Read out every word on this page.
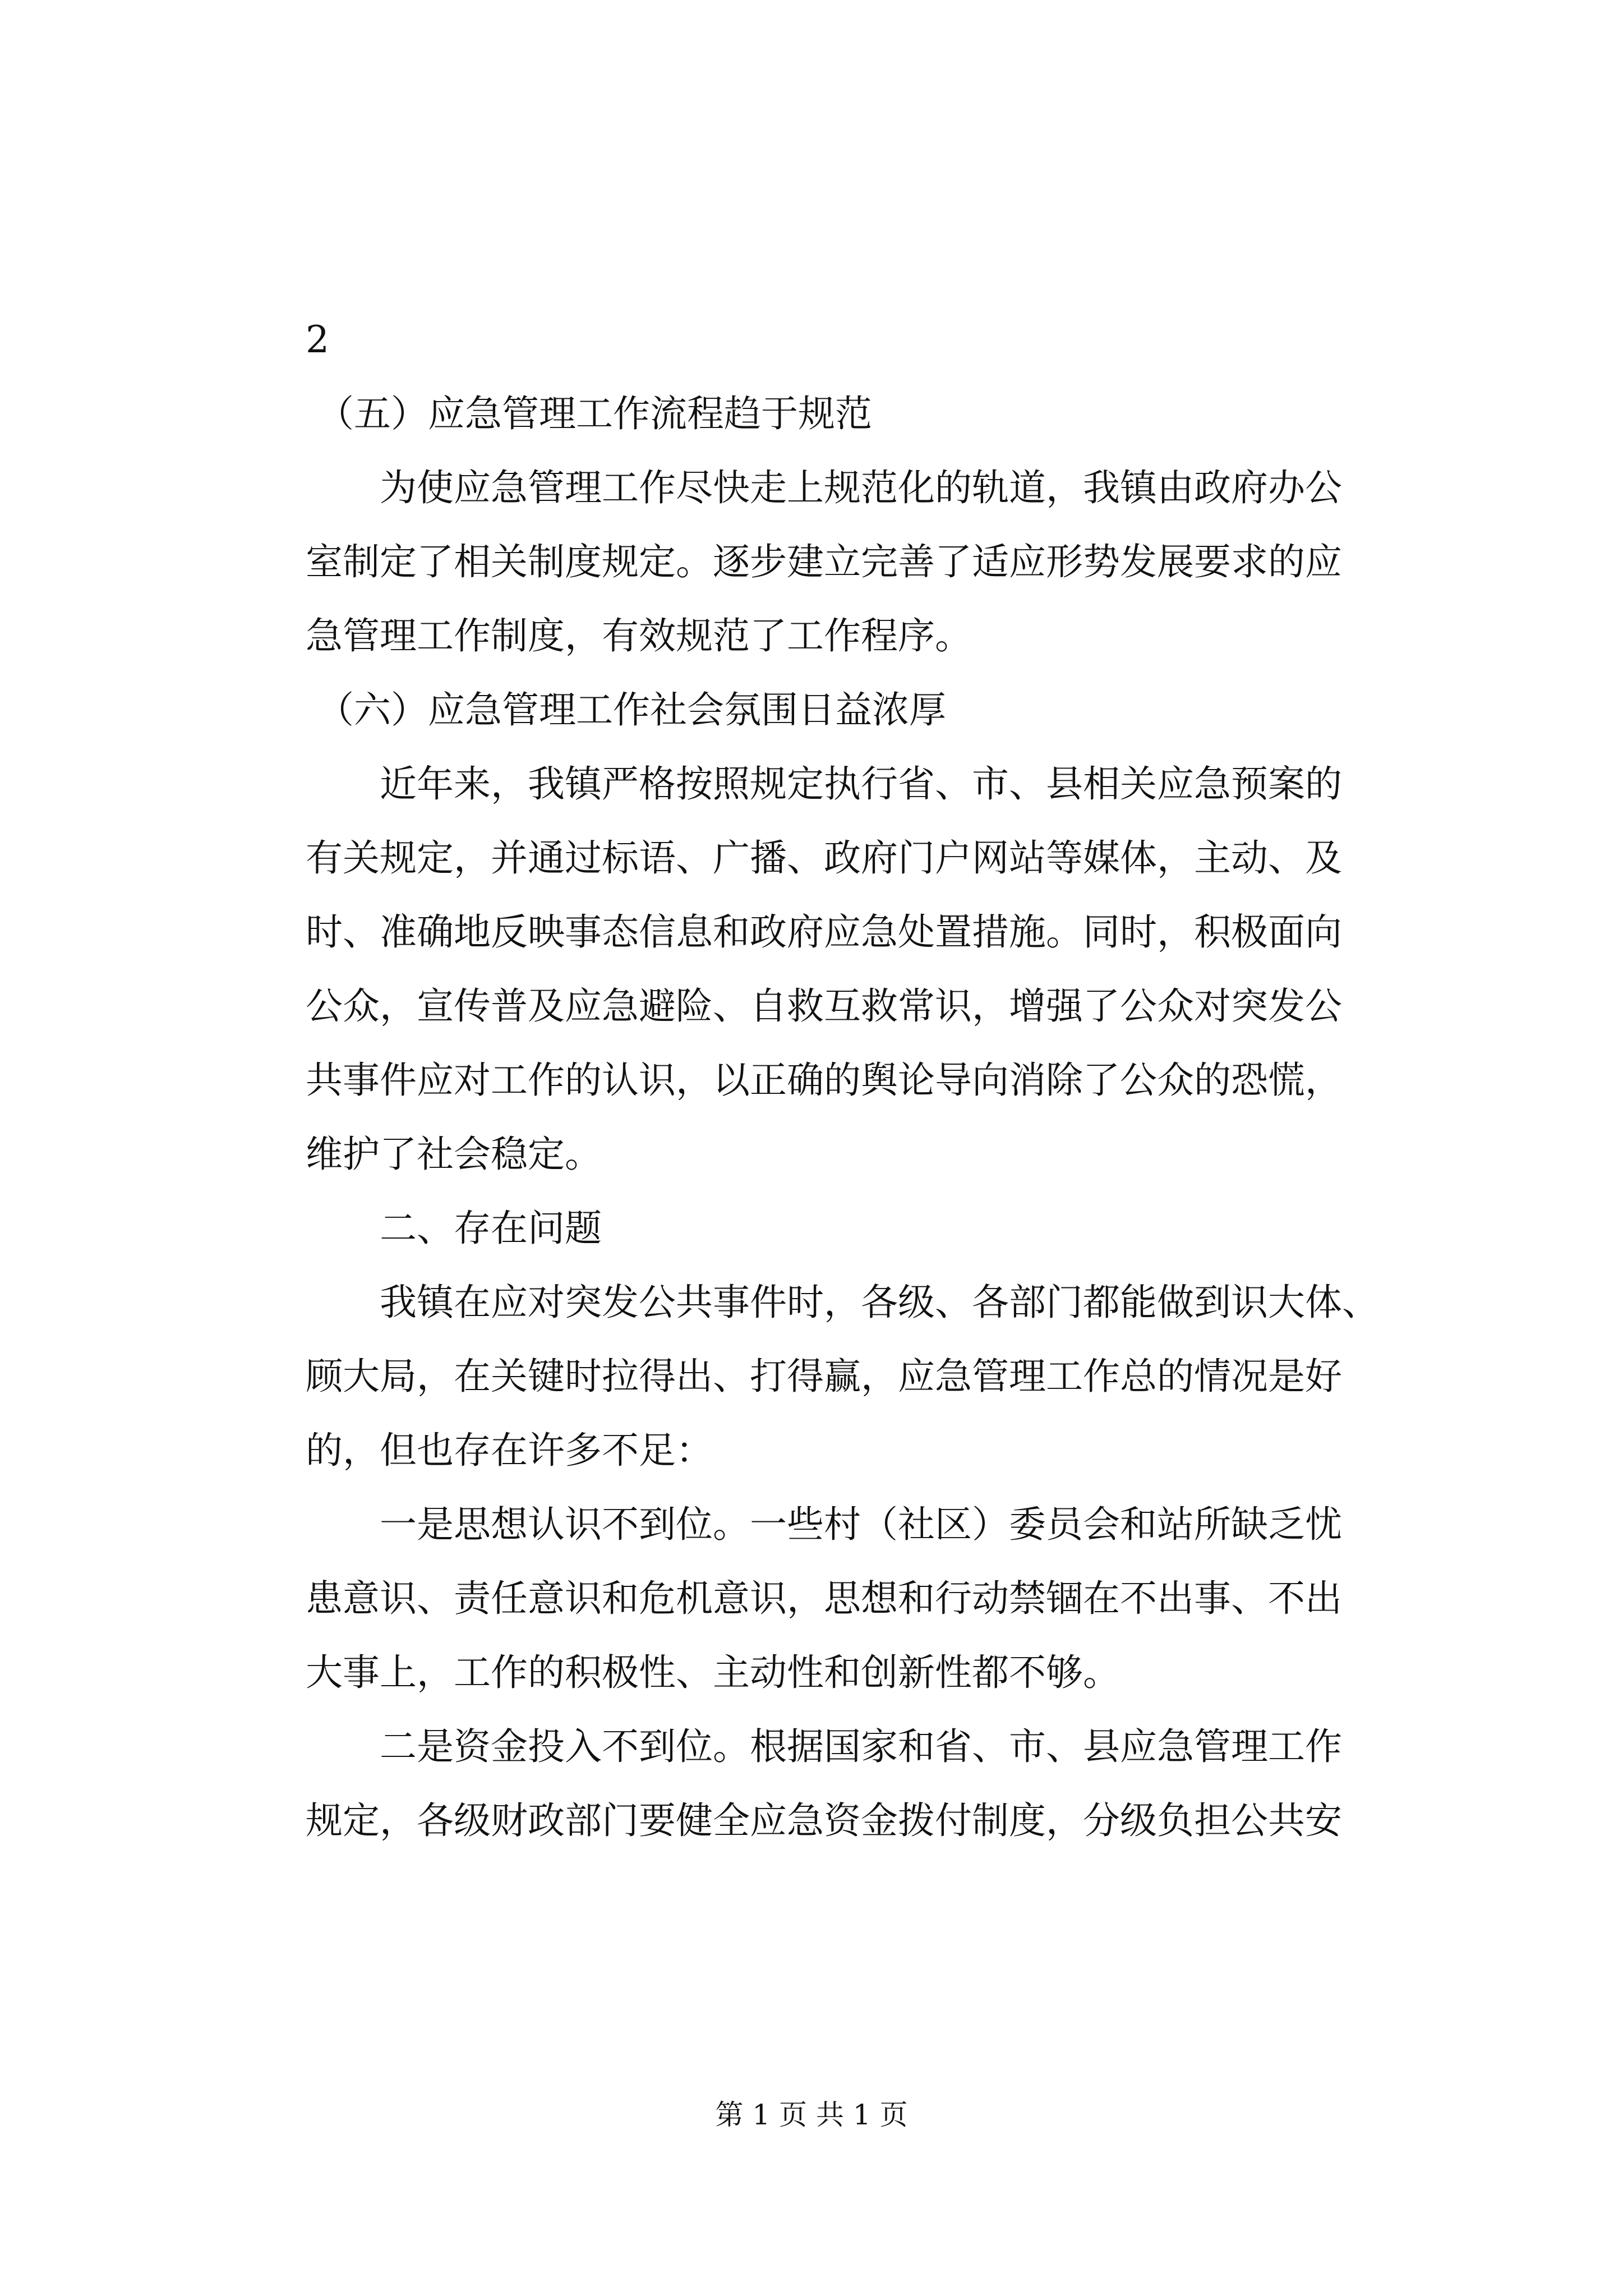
2

（五）应急管理工作流程趋于规范

　　为使应急管理工作尽快走上规范化的轨道，我镇由政府办公

室制定了相关制度规定。逐步建立完善了适应形势发展要求的应

急管理工作制度，有效规范了工作程序。

（六）应急管理工作社会氛围日益浓厚

　　近年来，我镇严格按照规定执行省、市、县相关应急预案的

有关规定，并通过标语、广播、政府门户网站等媒体，主动、及

时、准确地反映事态信息和政府应急处置措施。同时，积极面向

公众，宣传普及应急避险、自救互救常识，增强了公众对突发公

共事件应对工作的认识，以正确的舆论导向消除了公众的恐慌，

维护了社会稳定。

　　二、存在问题

　　我镇在应对突发公共事件时，各级、各部门都能做到识大体、

顾大局，在关键时拉得出、打得赢，应急管理工作总的情况是好

的，但也存在许多不足：

　　一是思想认识不到位。一些村（社区）委员会和站所缺乏忧

患意识、责任意识和危机意识，思想和行动禁锢在不出事、不出

大事上，工作的积极性、主动性和创新性都不够。

　　二是资金投入不到位。根据国家和省、市、县应急管理工作

规定，各级财政部门要健全应急资金拨付制度，分级负担公共安

第 1 页 共 1 页
